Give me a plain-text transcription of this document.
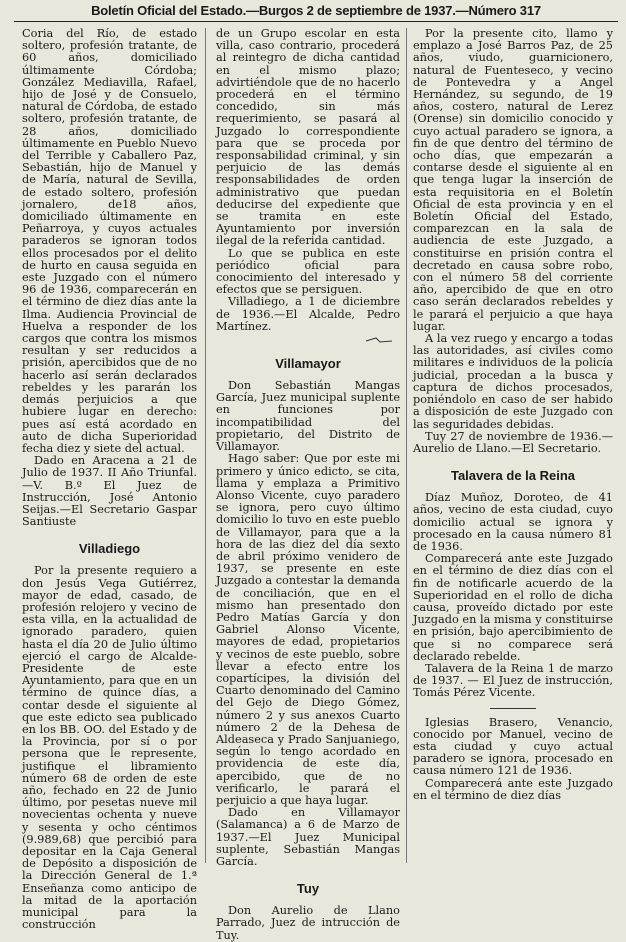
Boletín Oficial del Estado.—Burgos 2 de septiembre de 1937.—Número 317

Coria del Río, de estado soltero, profesión tratante, de 60 años, domiciliado últimamente Córdoba; González Mediavilla, Rafael, hijo de José y de Consuelo, natural de Córdoba, de estado soltero, profesión tratante, de 28 años, domiciliado últimamente en Pueblo Nuevo del Terrible y Caballero Paz, Sebastián, hijo de Manuel y de María, natural de Sevilla, de estado soltero, profesión jornalero, de18 años, domiciliado últimamente en Peñarroya, y cuyos actuales paraderos se ignoran todos ellos procesados por el delito de hurto en causa seguida en este Juzgado con el número 96 de 1936, comparecerán en el término de diez días ante la Ilma. Audiencia Provincial de Huelva a responder de los cargos que contra los mismos resultan y ser reducidos a prisión, apercibidos que de no hacerlo así serán declarados rebeldes y les pararán los demás perjuicios a que hubiere lugar en derecho: pues así está acordado en auto de dicha Superioridad fecha diez y siete del actual.

Dado en Aracena a 21 de Julio de 1937. II Año Triunfal.—V. B.º El Juez de Instrucción, José Antonio Seijas.—El Secretario Gaspar Santiuste

Villadiego

Por la presente requiero a don Jesús Vega Gutiérrez, mayor de edad, casado, de profesión relojero y vecino de esta villa, en la actualidad de ignorado paradero, quien hasta el día 20 de Julio último ejerció el cargo de Alcalde-Presidente de este Ayuntamiento, para que en un término de quince días, a contar desde el siguiente al que este edicto sea publicado en los BB. OO. del Estado y de la Provincia, por sí o por persona que le represente, justifique el libramiento número 68 de orden de este año, fechado en 22 de Junio último, por pesetas nueve mil novecientas ochenta y nueve y sesenta y ocho céntimos (9.989,68) que percibió para depositar en la Caja General de Depósito a disposición de la Dirección General de 1.ª Enseñanza como anticipo de la mitad de la aportación municipal para la construcción

de un Grupo escolar en esta villa, caso contrario, procederá al reintegro de dicha cantidad en el mismo plazo; advirtiéndole que de no hacerlo procederá en el término concedido, sin más requerimiento, se pasará al Juzgado lo correspondiente para que se proceda por responsabilidad criminal, y sin perjuicio de las demás responsabilidades de orden administrativo que puedan deducirse del expediente que se tramita en este Ayuntamiento por inversión ilegal de la referida cantidad.

Lo que se publica en este periódico oficial para conocimiento del interesado y efectos que se persiguen.

Villadiego, a 1 de diciembre de 1936.—El Alcalde, Pedro Martínez.

Villamayor

Don Sebastián Mangas García, Juez municipal suplente en funciones por incompatibilidad del propietario, del Distrito de Villamayor.

Hago saber: Que por este mi primero y único edicto, se cita, llama y emplaza a Primitivo Alonso Vicente, cuyo paradero se ignora, pero cuyo último domicilio lo tuvo en este pueblo de Villamayor, para que a la hora de las diez del día sexto de abril próximo venidero de 1937, se presente en este Juzgado a contestar la demanda de conciliación, que en el mismo han presentado don Pedro Matías García y don Gabriel Alonso Vicente, mayores de edad, propietarios y vecinos de este pueblo, sobre llevar a efecto entre los copartícipes, la división del Cuarto denominado del Camino del Gejo de Diego Gómez, número 2 y sus anexos Cuarto número 2 de la Dehesa de Aldeaseca y Prado Sanjuaniego, según lo tengo acordado en providencia de este día, apercibido, que de no verificarlo, le parará el perjuicio a que haya lugar.

Dado en Villamayor (Salamanca) a 6 de Marzo de 1937.—El Juez Municipal suplente, Sebastián Mangas García.

Tuy

Don Aurelio de Llano Parrado, Juez de intrucción de Tuy.

Por la presente cito, llamo y emplazo a José Barros Paz, de 25 años, viudo, guarnicionero, natural de Fuenteseco, y vecino de Pontevedra y a Angel Hernández, su segundo, de 19 años, costero, natural de Lerez (Orense) sin domicilio conocido y cuyo actual paradero se ignora, a fin de que dentro del término de ocho días, que empezarán a contarse desde el siguiente al en que tenga lugar la inserción de esta requisitoria en el Boletín Oficial de esta provincia y en el Boletín Oficial del Estado, comparezcan en la sala de audiencia de este Juzgado, a constituirse en prisión contra el decretado en causa sobre robo, con el número 58 del corriente año, apercibido de que en otro caso serán declarados rebeldes y le parará el perjuicio a que haya lugar.

A la vez ruego y encargo a todas las autoridades, así civiles como militares e individuos de la policía judicial, procedan a la busca y captura de dichos procesados, poniéndolo en caso de ser habido a disposición de este Juzgado con las seguridades debidas.

Tuy 27 de noviembre de 1936.—Aurelio de Llano.—El Secretario.

Talavera de la Reina

Díaz Muñoz, Doroteo, de 41 años, vecino de esta ciudad, cuyo domicilio actual se ignora y procesado en la causa número 81 de 1936.

Comparecerá ante este Juzgado en el término de diez días con el fin de notificarle acuerdo de la Superioridad en el rollo de dicha causa, proveído dictado por este Juzgado en la misma y constituirse en prisión, bajo apercibimiento de que si no comparece será declarado rebelde.

Talavera de la Reina 1 de marzo de 1937. — El Juez de instrucción, Tomás Pérez Vicente.

Iglesias Brasero, Venancio, conocido por Manuel, vecino de esta ciudad y cuyo actual paradero se ignora, procesado en causa número 121 de 1936.

Comparecerá ante este Juzgado en el término de diez días
